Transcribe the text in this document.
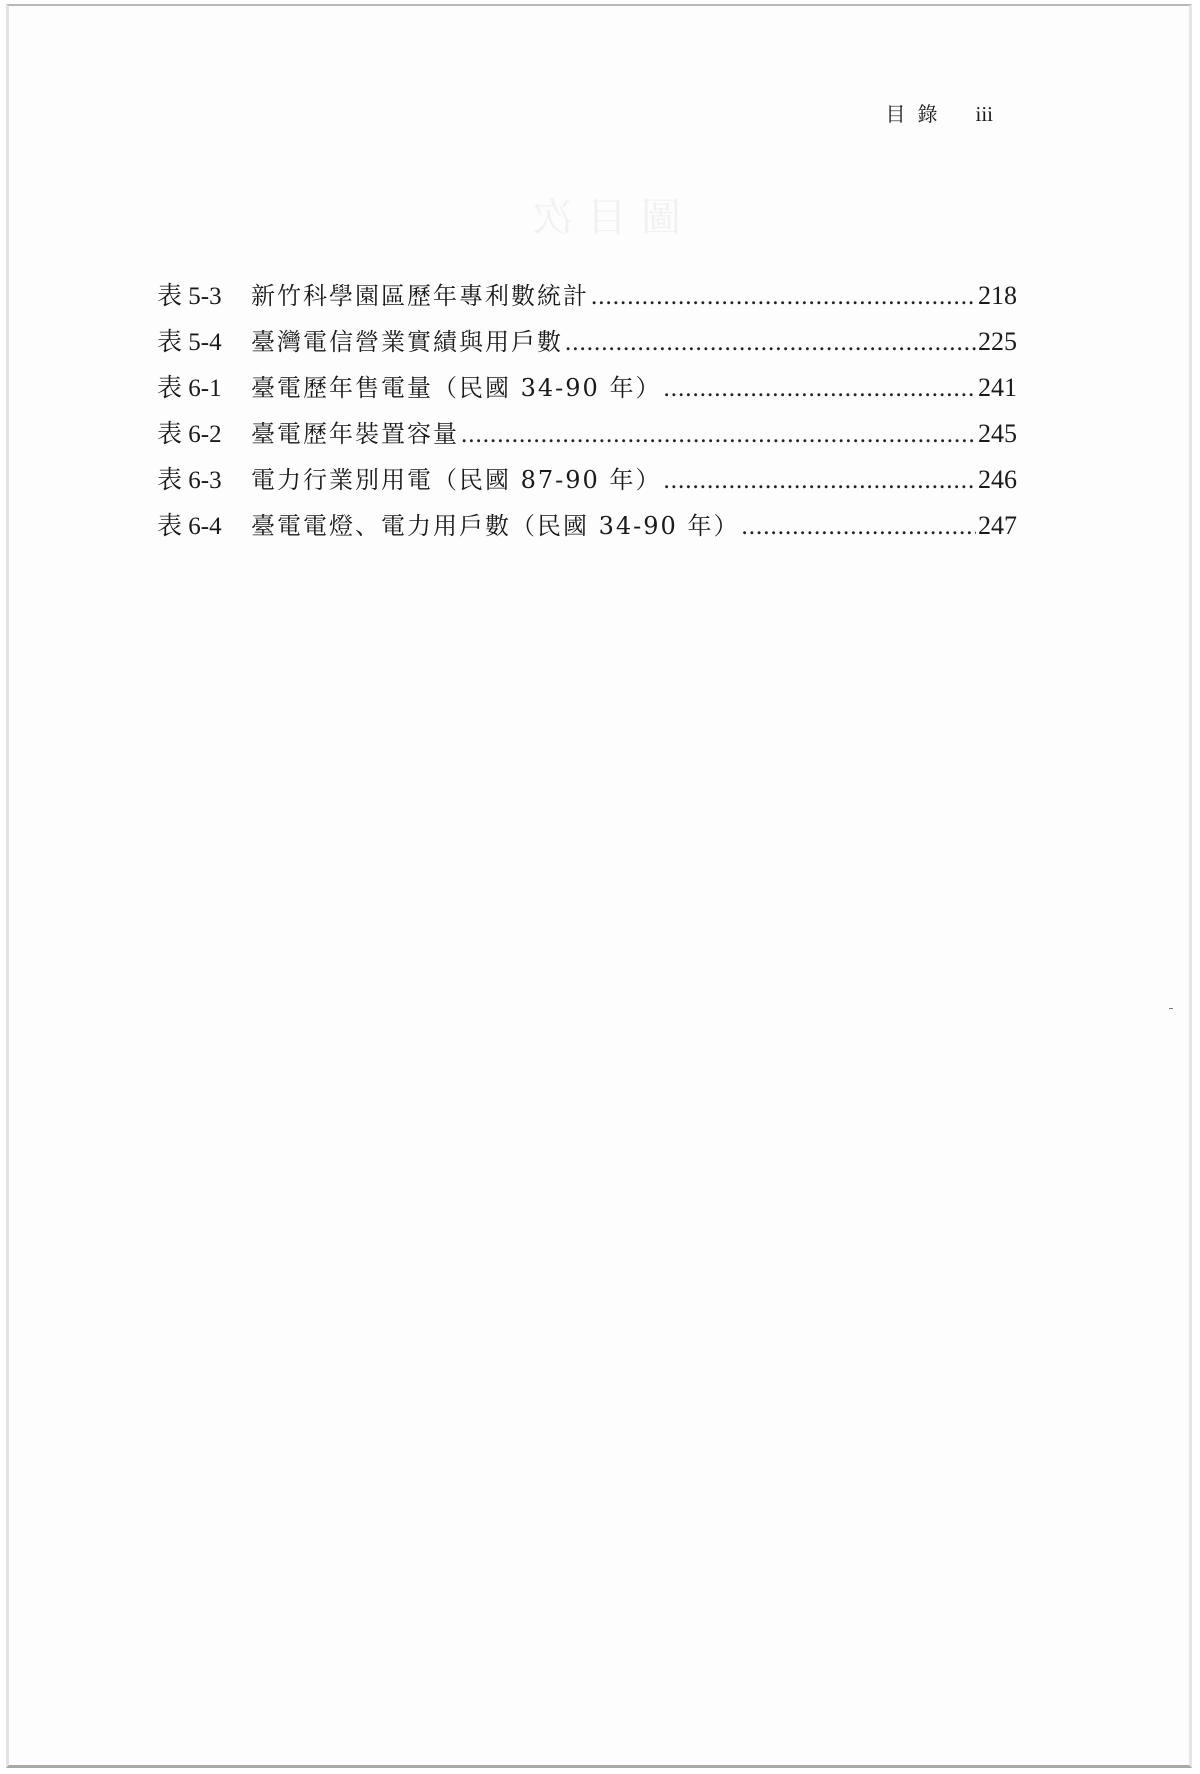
圖目次
目錄 iii
表 5-3	新竹科學園區歷年專利數統計 .....	218
表 5-4	臺灣電信營業實績與用戶數 .....	225
表 6-1	臺電歷年售電量（民國 34-90 年） .....	241
表 6-2	臺電歷年裝置容量 .....	245
表 6-3	電力行業別用電（民國 87-90 年） .....	246
表 6-4	臺電電燈、電力用戶數（民國 34-90 年） .....	247
